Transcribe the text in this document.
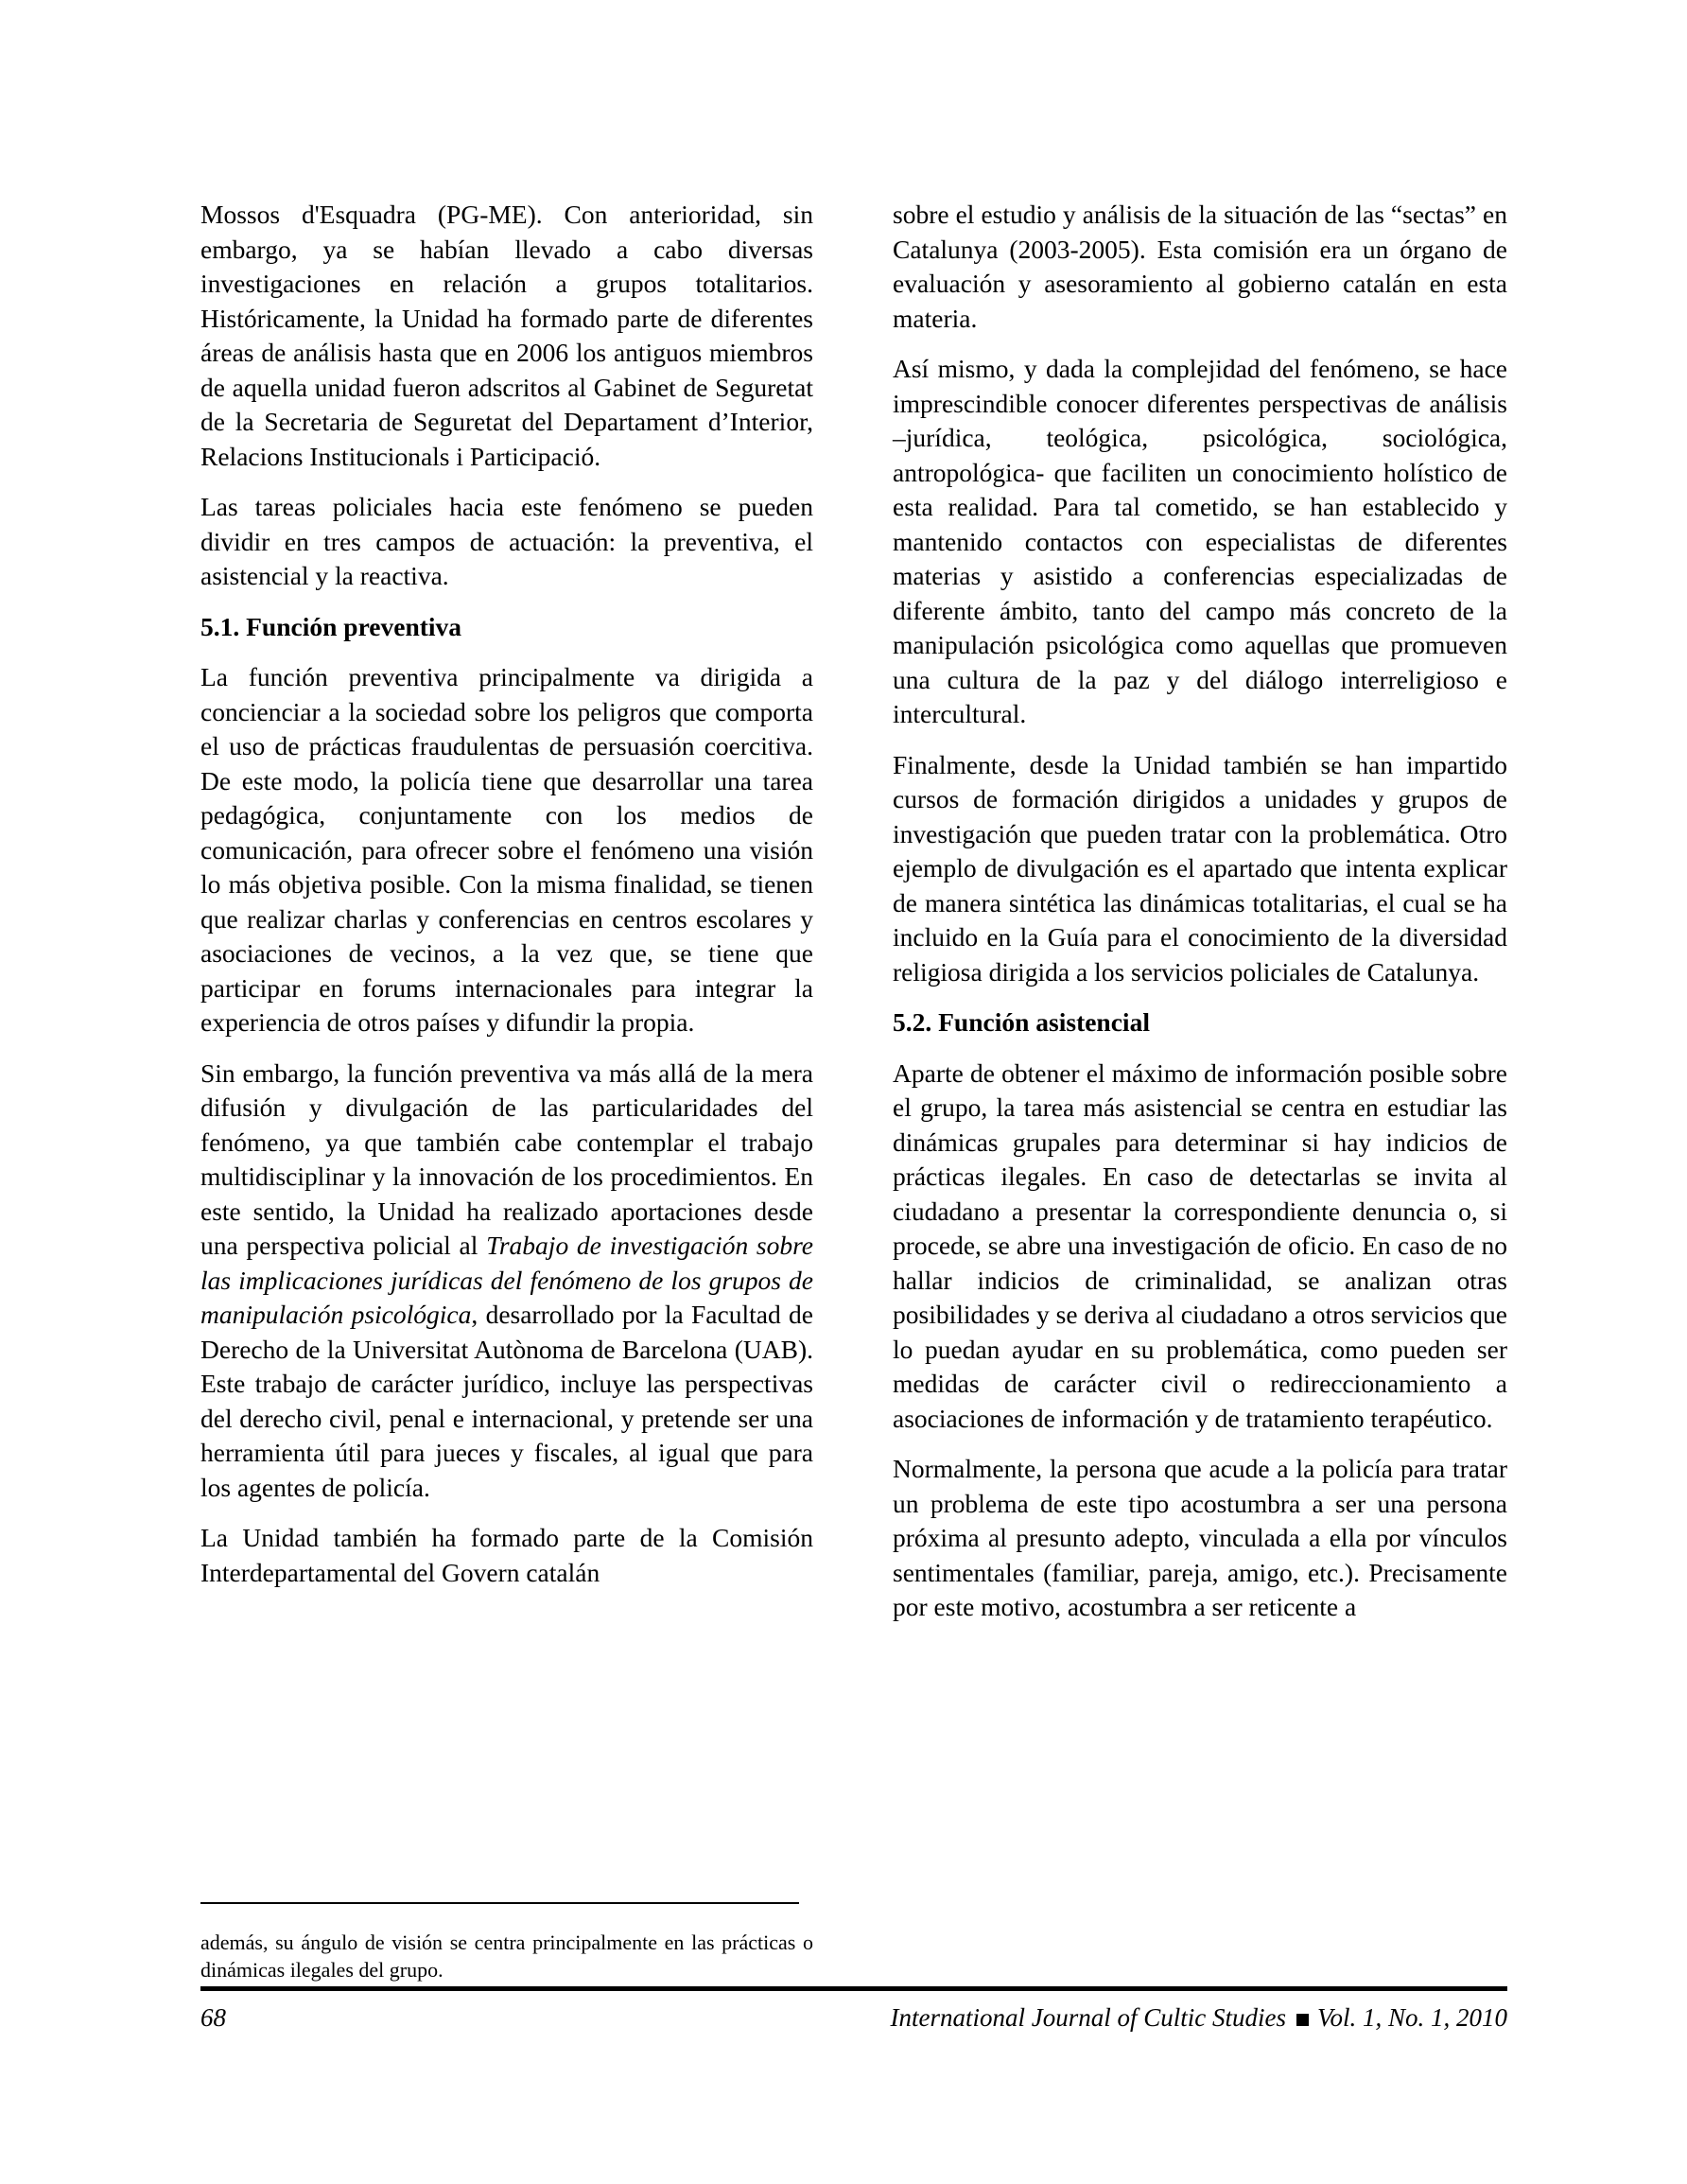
Mossos d'Esquadra (PG-ME). Con anterioridad, sin embargo, ya se habían llevado a cabo diversas investigaciones en relación a grupos totalitarios. Históricamente, la Unidad ha formado parte de diferentes áreas de análisis hasta que en 2006 los antiguos miembros de aquella unidad fueron adscritos al Gabinet de Seguretat de la Secretaria de Seguretat del Departament d’Interior, Relacions Institucionals i Participació.

Las tareas policiales hacia este fenómeno se pueden dividir en tres campos de actuación: la preventiva, el asistencial y la reactiva.

5.1. Función preventiva

La función preventiva principalmente va dirigida a concienciar a la sociedad sobre los peligros que comporta el uso de prácticas fraudulentas de persuasión coercitiva. De este modo, la policía tiene que desarrollar una tarea pedagógica, conjuntamente con los medios de comunicación, para ofrecer sobre el fenómeno una visión lo más objetiva posible. Con la misma finalidad, se tienen que realizar charlas y conferencias en centros escolares y asociaciones de vecinos, a la vez que, se tiene que participar en forums internacionales para integrar la experiencia de otros países y difundir la propia.

Sin embargo, la función preventiva va más allá de la mera difusión y divulgación de las particularidades del fenómeno, ya que también cabe contemplar el trabajo multidisciplinar y la innovación de los procedimientos. En este sentido, la Unidad ha realizado aportaciones desde una perspectiva policial al Trabajo de investigación sobre las implicaciones jurídicas del fenómeno de los grupos de manipulación psicológica, desarrollado por la Facultad de Derecho de la Universitat Autònoma de Barcelona (UAB). Este trabajo de carácter jurídico, incluye las perspectivas del derecho civil, penal e internacional, y pretende ser una herramienta útil para jueces y fiscales, al igual que para los agentes de policía.

La Unidad también ha formado parte de la Comisión Interdepartamental del Govern catalán

sobre el estudio y análisis de la situación de las “sectas” en Catalunya (2003-2005). Esta comisión era un órgano de evaluación y asesoramiento al gobierno catalán en esta materia.

Así mismo, y dada la complejidad del fenómeno, se hace imprescindible conocer diferentes perspectivas de análisis –jurídica, teológica, psicológica, sociológica, antropológica- que faciliten un conocimiento holístico de esta realidad. Para tal cometido, se han establecido y mantenido contactos con especialistas de diferentes materias y asistido a conferencias especializadas de diferente ámbito, tanto del campo más concreto de la manipulación psicológica como aquellas que promueven una cultura de la paz y del diálogo interreligioso e intercultural.

Finalmente, desde la Unidad también se han impartido cursos de formación dirigidos a unidades y grupos de investigación que pueden tratar con la problemática. Otro ejemplo de divulgación es el apartado que intenta explicar de manera sintética las dinámicas totalitarias, el cual se ha incluido en la Guía para el conocimiento de la diversidad religiosa dirigida a los servicios policiales de Catalunya.

5.2. Función asistencial

Aparte de obtener el máximo de información posible sobre el grupo, la tarea más asistencial se centra en estudiar las dinámicas grupales para determinar si hay indicios de prácticas ilegales. En caso de detectarlas se invita al ciudadano a presentar la correspondiente denuncia o, si procede, se abre una investigación de oficio. En caso de no hallar indicios de criminalidad, se analizan otras posibilidades y se deriva al ciudadano a otros servicios que lo puedan ayudar en su problemática, como pueden ser medidas de carácter civil o redireccionamiento a asociaciones de información y de tratamiento terapéutico.

Normalmente, la persona que acude a la policía para tratar un problema de este tipo acostumbra a ser una persona próxima al presunto adepto, vinculada a ella por vínculos sentimentales (familiar, pareja, amigo, etc.). Precisamente por este motivo, acostumbra a ser reticente a

además, su ángulo de visión se centra principalmente en las prácticas o dinámicas ilegales del grupo.

68	International Journal of Cultic Studies Vol. 1, No. 1, 2010
